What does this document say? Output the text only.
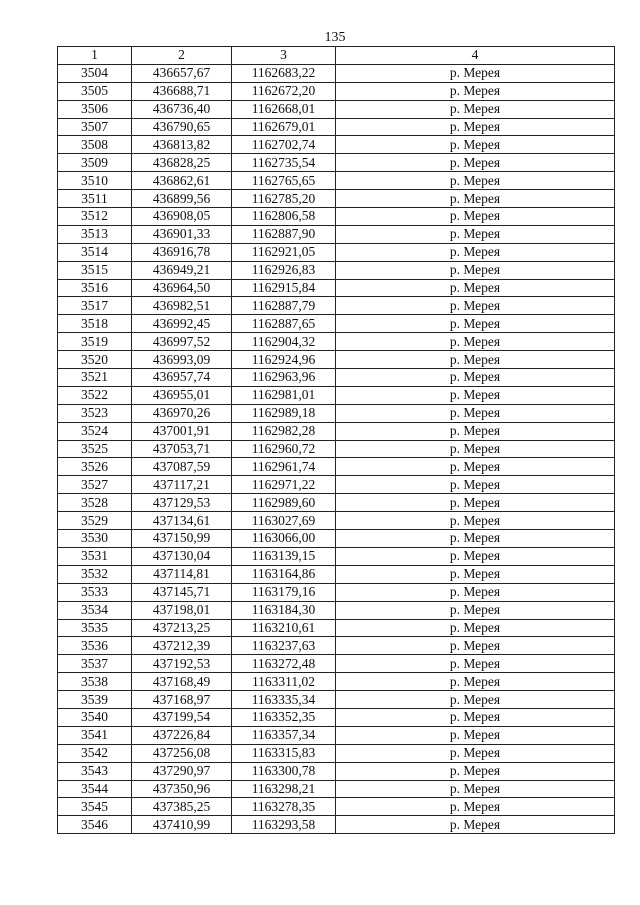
135
1	2	3	4
3504	436657,67	1162683,22	р. Мерея
3505	436688,71	1162672,20	р. Мерея
3506	436736,40	1162668,01	р. Мерея
3507	436790,65	1162679,01	р. Мерея
3508	436813,82	1162702,74	р. Мерея
3509	436828,25	1162735,54	р. Мерея
3510	436862,61	1162765,65	р. Мерея
3511	436899,56	1162785,20	р. Мерея
3512	436908,05	1162806,58	р. Мерея
3513	436901,33	1162887,90	р. Мерея
3514	436916,78	1162921,05	р. Мерея
3515	436949,21	1162926,83	р. Мерея
3516	436964,50	1162915,84	р. Мерея
3517	436982,51	1162887,79	р. Мерея
3518	436992,45	1162887,65	р. Мерея
3519	436997,52	1162904,32	р. Мерея
3520	436993,09	1162924,96	р. Мерея
3521	436957,74	1162963,96	р. Мерея
3522	436955,01	1162981,01	р. Мерея
3523	436970,26	1162989,18	р. Мерея
3524	437001,91	1162982,28	р. Мерея
3525	437053,71	1162960,72	р. Мерея
3526	437087,59	1162961,74	р. Мерея
3527	437117,21	1162971,22	р. Мерея
3528	437129,53	1162989,60	р. Мерея
3529	437134,61	1163027,69	р. Мерея
3530	437150,99	1163066,00	р. Мерея
3531	437130,04	1163139,15	р. Мерея
3532	437114,81	1163164,86	р. Мерея
3533	437145,71	1163179,16	р. Мерея
3534	437198,01	1163184,30	р. Мерея
3535	437213,25	1163210,61	р. Мерея
3536	437212,39	1163237,63	р. Мерея
3537	437192,53	1163272,48	р. Мерея
3538	437168,49	1163311,02	р. Мерея
3539	437168,97	1163335,34	р. Мерея
3540	437199,54	1163352,35	р. Мерея
3541	437226,84	1163357,34	р. Мерея
3542	437256,08	1163315,83	р. Мерея
3543	437290,97	1163300,78	р. Мерея
3544	437350,96	1163298,21	р. Мерея
3545	437385,25	1163278,35	р. Мерея
3546	437410,99	1163293,58	р. Мерея
